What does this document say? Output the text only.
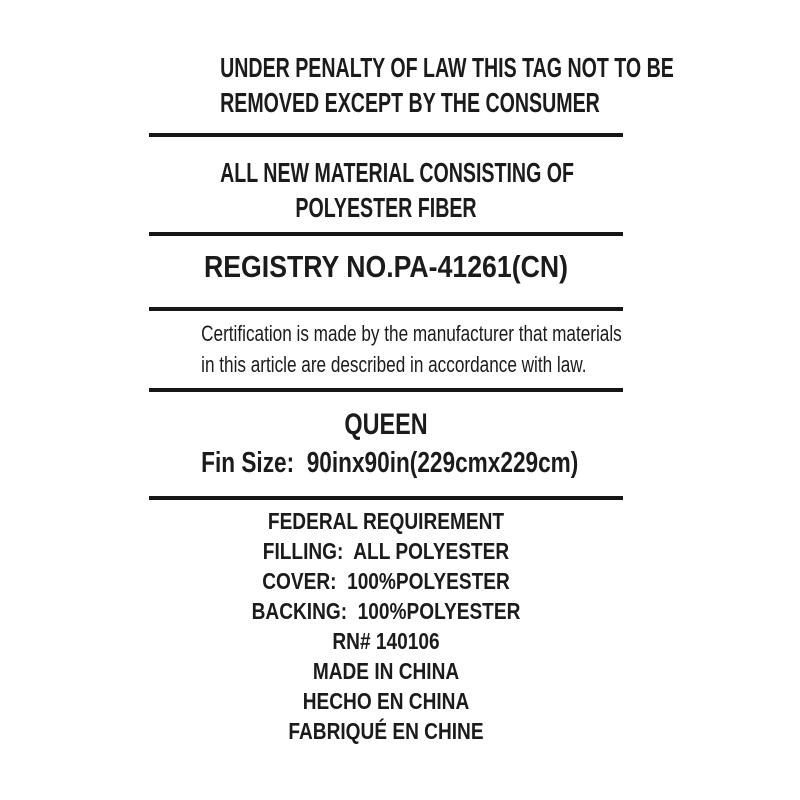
UNDER PENALTY OF LAW THIS TAG NOT TO BE
REMOVED EXCEPT BY THE CONSUMER
ALL NEW MATERIAL CONSISTING OF
POLYESTER FIBER
REGISTRY NO.PA-41261(CN)
Certification is made by the manufacturer that materials
in this article are described in accordance with law.
QUEEN
Fin Size:  90inx90in(229cmx229cm)
FEDERAL REQUIREMENT
FILLING:  ALL POLYESTER
COVER:  100%POLYESTER
BACKING:  100%POLYESTER
RN# 140106
MADE IN CHINA
HECHO EN CHINA
FABRIQUÉ EN CHINE
